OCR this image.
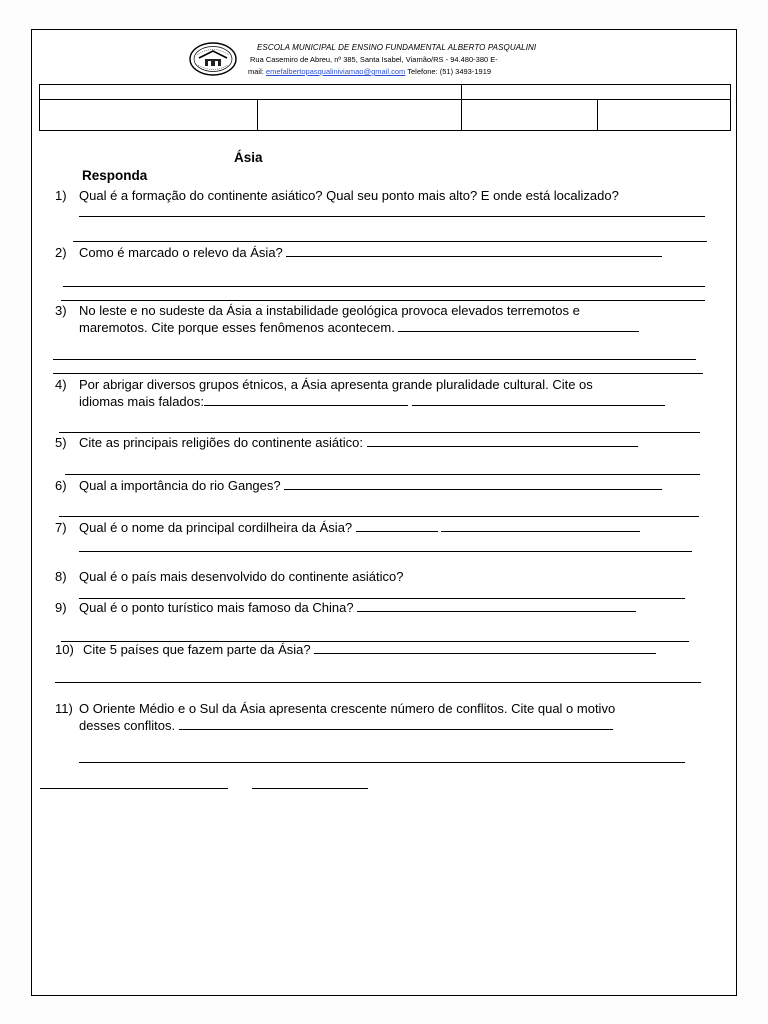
ESCOLA MUNICIPAL DE ENSINO FUNDAMENTAL ALBERTO PASQUALINI
Rua Casemiro de Abreu, nº 385, Santa Isabel, Viamão/RS - 94.480-380 E-
mail: emefalbertopasqualiniviamao@gmail.com Telefone: (51) 3493-1919

Ásia
Responda
1) Qual é a formação do continente asiático? Qual seu ponto mais alto? E onde está localizado?
2) Como é marcado o relevo da Ásia?
3) No leste e no sudeste da Ásia a instabilidade geológica provoca elevados terremotos e
maremotos. Cite porque esses fenômenos acontecem.
4) Por abrigar diversos grupos étnicos, a Ásia apresenta grande pluralidade cultural. Cite os
idiomas mais falados:
5) Cite as principais religiões do continente asiático:
6) Qual a importância do rio Ganges?
7) Qual é o nome da principal cordilheira da Ásia?
8) Qual é o país mais desenvolvido do continente asiático?
9) Qual é o ponto turístico mais famoso da China?
10) Cite 5 países que fazem parte da Ásia?
11) O Oriente Médio e o Sul da Ásia apresenta crescente número de conflitos. Cite qual o motivo
desses conflitos.
